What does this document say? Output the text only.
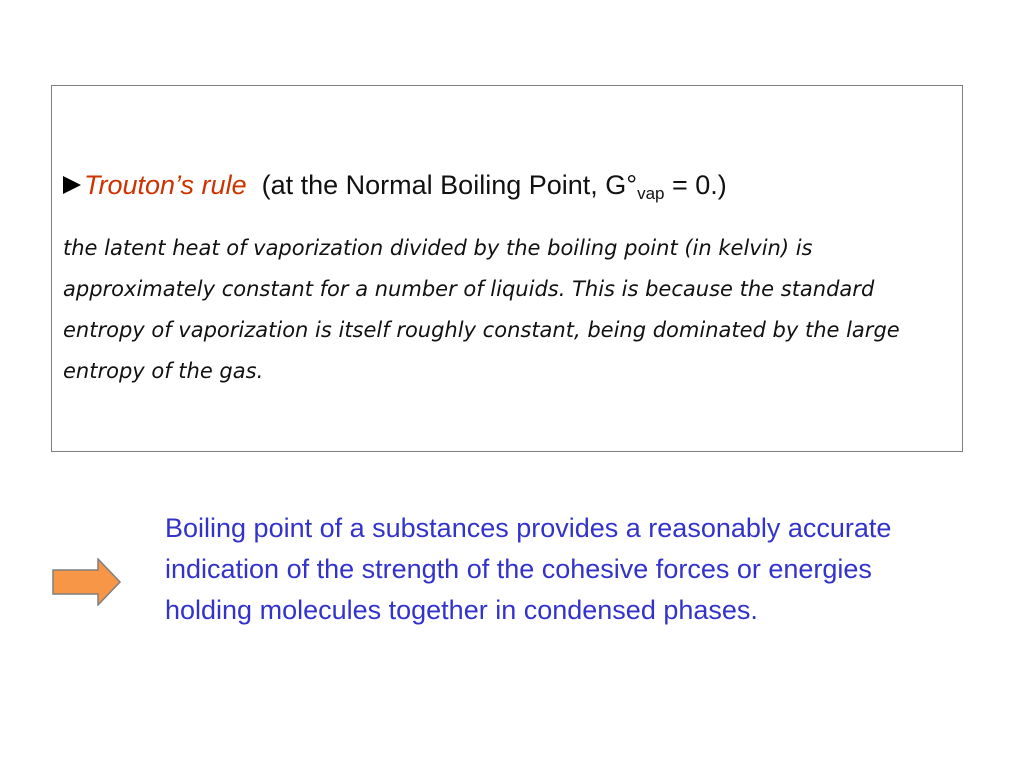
Trouton’s rule (at the Normal Boiling Point, $G^\circ_{vap} = 0$.)

the latent heat of vaporization divided by the boiling point (in kelvin) is approximately constant for a number of liquids. This is because the standard entropy of vaporization is itself roughly constant, being dominated by the large entropy of the gas.

Boiling point of a substances provides a reasonably accurate indication of the strength of the cohesive forces or energies holding molecules together in condensed phases.
